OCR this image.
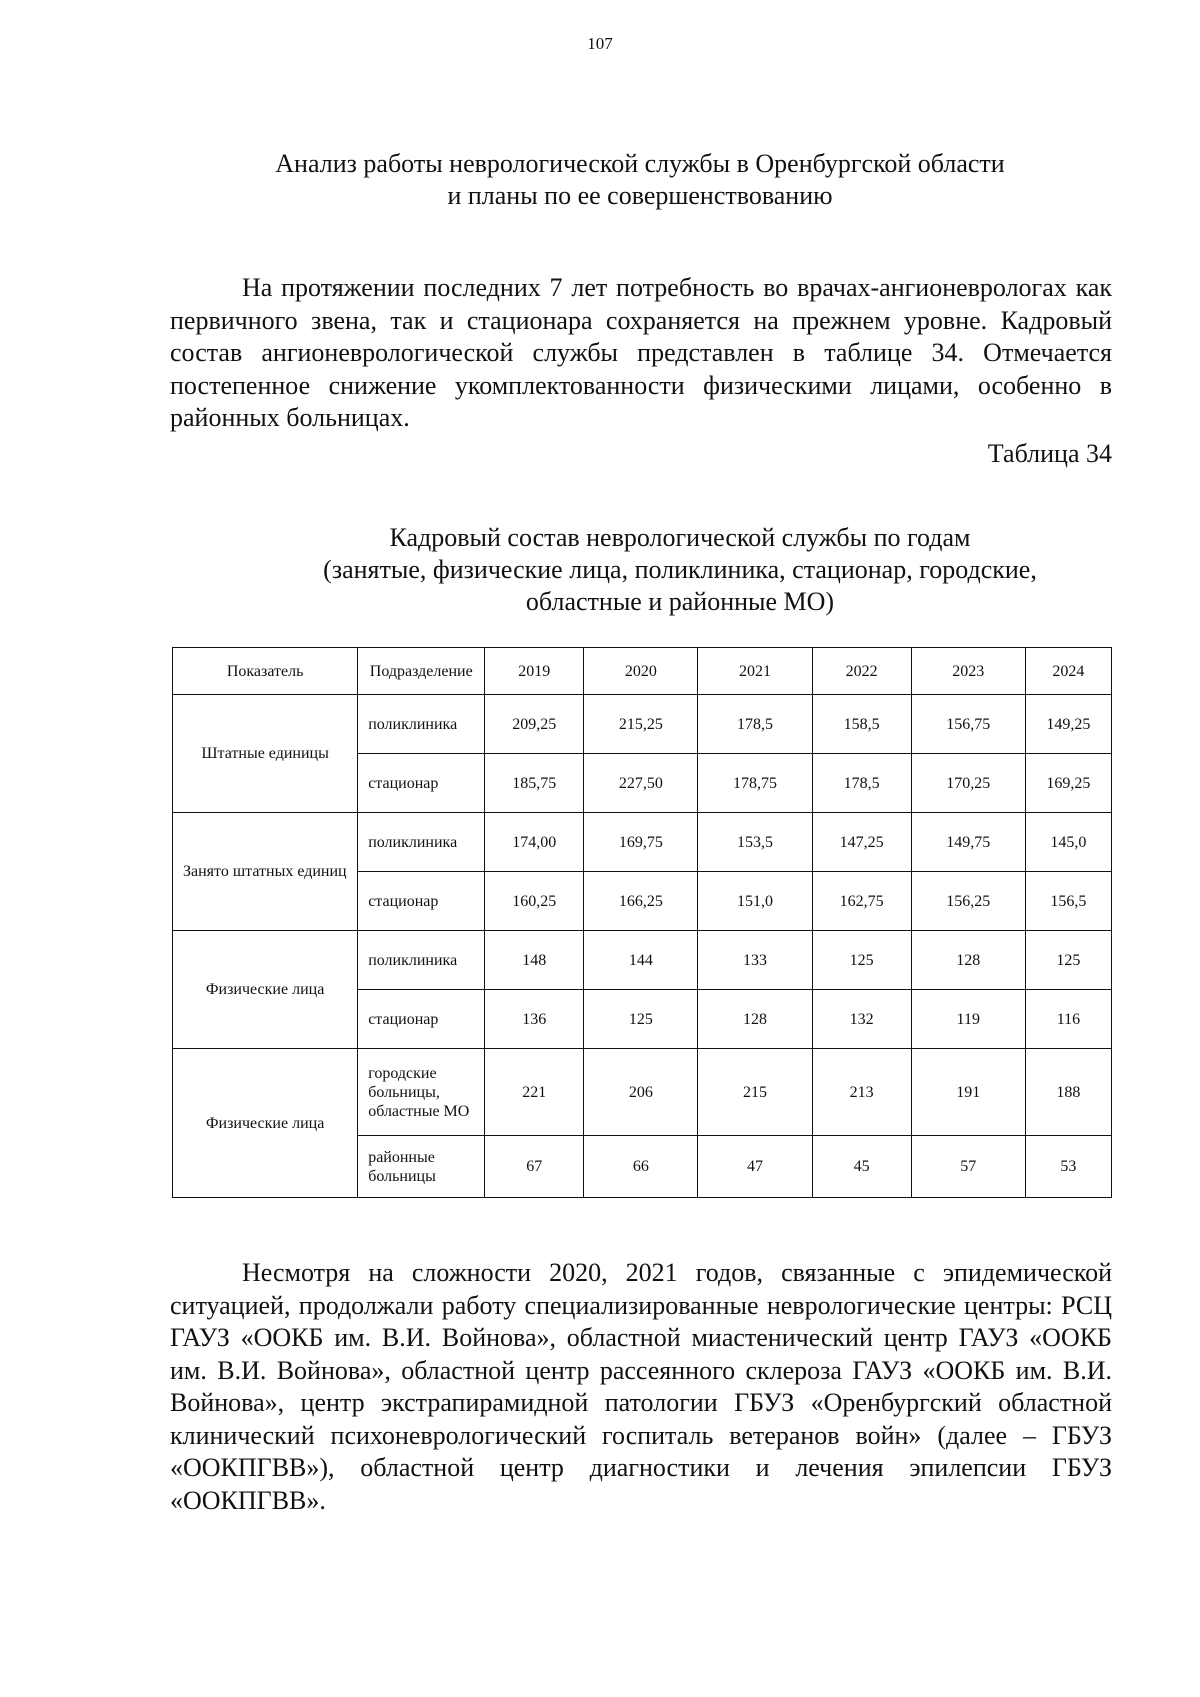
107
Анализ работы неврологической службы в Оренбургской области
и планы по ее совершенствованию

На протяжении последних 7 лет потребность во врачах-ангионеврологах как первичного звена, так и стационара сохраняется на прежнем уровне. Кадровый состав ангионеврологической службы представлен в таблице 34. Отмечается постепенное снижение укомплектованности физическими лицами, особенно в районных больницах.

Таблица 34
Кадровый состав неврологической службы по годам
(занятые, физические лица, поликлиника, стационар, городские,
областные и районные МО)
Показатель	Подразделение	2019	2020	2021	2022	2023	2024
Штатные единицы	поликлиника	209,25	215,25	178,5	158,5	156,75	149,25
	стационар	185,75	227,50	178,75	178,5	170,25	169,25
Занято штатных единиц	поликлиника	174,00	169,75	153,5	147,25	149,75	145,0
	стационар	160,25	166,25	151,0	162,75	156,25	156,5
Физические лица	поликлиника	148	144	133	125	128	125
	стационар	136	125	128	132	119	116
Физические лица	городские больницы, областные МО	221	206	215	213	191	188
	районные больницы	67	66	47	45	57	53

Несмотря на сложности 2020, 2021 годов, связанные с эпидемической ситуацией, продолжали работу специализированные неврологические центры: РСЦ ГАУЗ «ООКБ им. В.И. Войнова», областной миастенический центр ГАУЗ «ООКБ им. В.И. Войнова», областной центр рассеянного склероза ГАУЗ «ООКБ им. В.И. Войнова», центр экстрапирамидной патологии ГБУЗ «Оренбургский областной клинический психоневрологический госпиталь ветеранов войн» (далее – ГБУЗ «ООКПГВВ»), областной центр диагностики и лечения эпилепсии ГБУЗ «ООКПГВВ».
